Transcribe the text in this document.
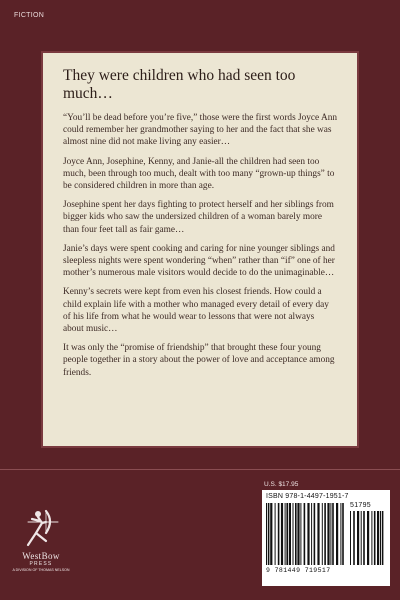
FICTION

They were children who had seen too much…

“You’ll be dead before you’re five,” those were the first words Joyce Ann could remember her grandmother saying to her and the fact that she was almost nine did not make living any easier…

Joyce Ann, Josephine, Kenny, and Janie-all the children had seen too much, been through too much, dealt with too many “grown-up things” to be considered children in more than age.

Josephine spent her days fighting to protect herself and her siblings from bigger kids who saw the undersized children of a woman barely more than four feet tall as fair game…

Janie’s days were spent cooking and caring for nine younger siblings and sleepless nights were spent wondering “when” rather than “if” one of her mother’s numerous male visitors would decide to do the unimaginable…

Kenny’s secrets were kept from even his closest friends. How could a child explain life with a mother who managed every detail of every day of his life from what he would wear to lessons that were not always about music…

It was only the “promise of friendship” that brought these four young people together in a story about the power of love and acceptance among friends.

WestBow
PRESS
A DIVISION OF THOMAS NELSON
U.S. $17.95
ISBN 978-1-4497-1951-7
51795
9 781449 719517
